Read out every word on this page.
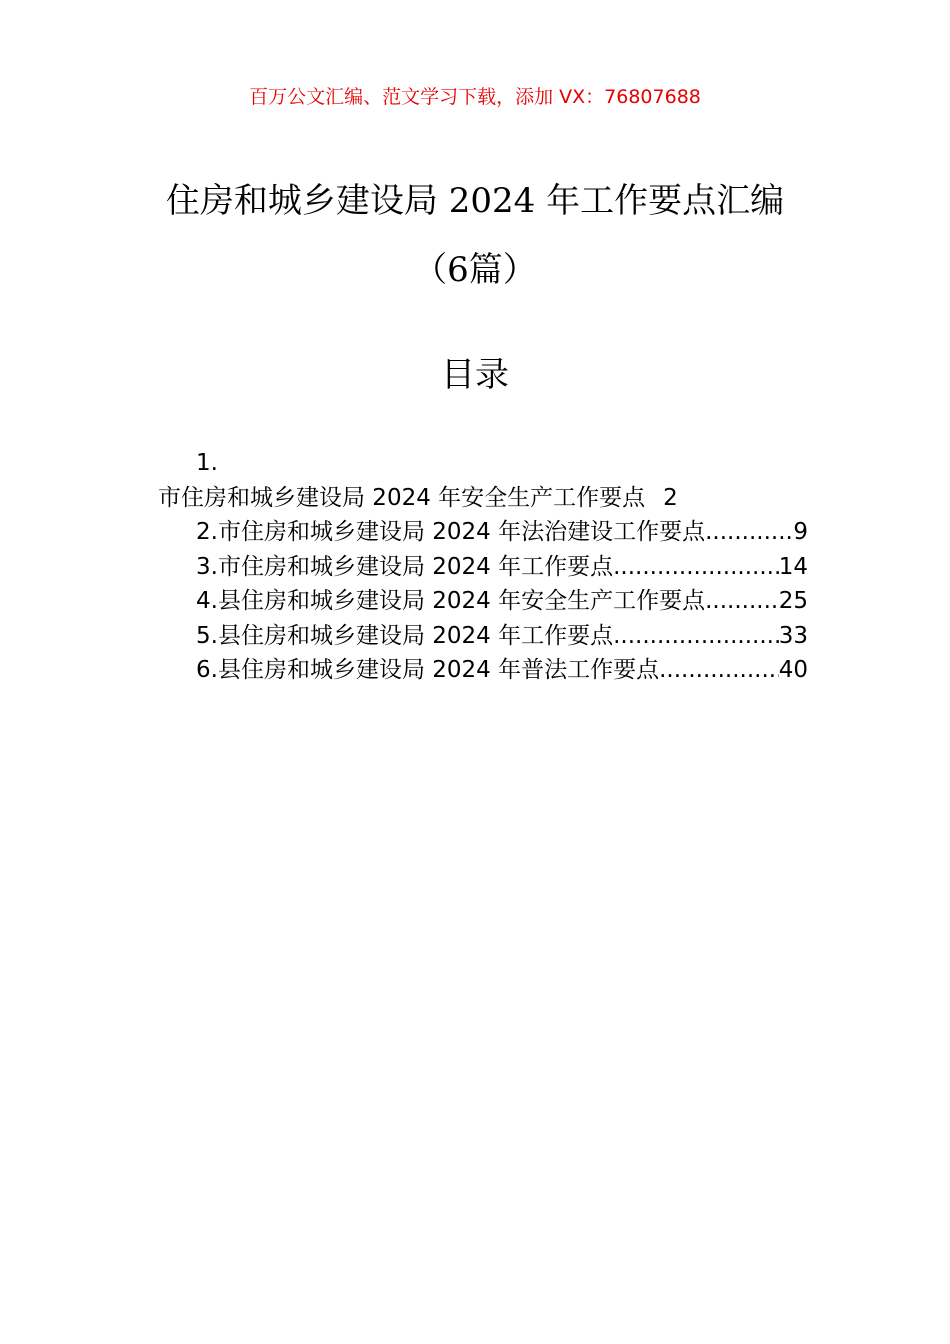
百万公文汇编、范文学习下载，添加 VX：76807688
住房和城乡建设局 2024 年工作要点汇编
（6篇）
目录
1.
市住房和城乡建设局 2024 年安全生产工作要点 2
2. 市住房和城乡建设局 2024 年法治建设工作要点 .....	9
3. 市住房和城乡建设局 2024 年工作要点 .....	14
4. 县住房和城乡建设局 2024 年安全生产工作要点 .....	25
5. 县住房和城乡建设局 2024 年工作要点 .....	33
6. 县住房和城乡建设局 2024 年普法工作要点 .....	40
